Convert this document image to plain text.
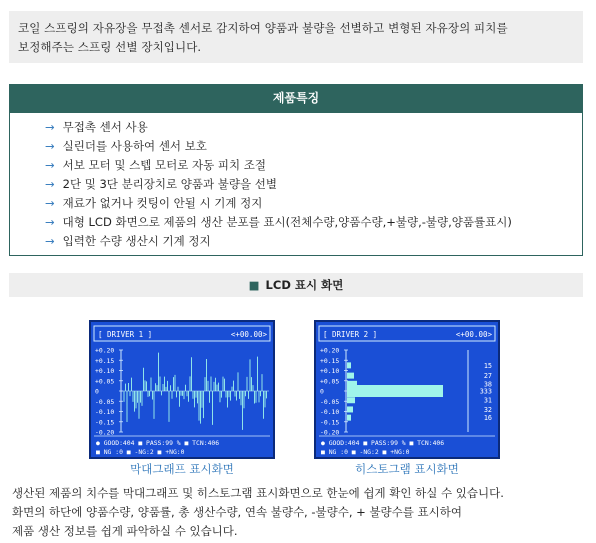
코일 스프링의 자유장을 무접촉 센서로 감지하여 양품과 불량을 선별하고 변형된 자유장의 피치를
보정해주는 스프링 선별 장치입니다.
제품특징
→ 무접촉 센서 사용
→ 실린더를 사용하여 센서 보호
→ 서보 모터 및 스텝 모터로 자동 피치 조절
→ 2단 및 3단 분리장치로 양품과 불량을 선별
→ 재료가 없거나 컷팅이 안될 시 기계 정지
→ 대형 LCD 화면으로 제품의 생산 분포를 표시(전체수량,양품수량,+불량,-불량,양품률표시)
→ 입력한 수량 생산시 기계 정지
■ LCD 표시 화면
[ DRIVER 1 ]	<+00.00>
+0.20
+0.15
+0.10
+0.05
0
-0.05
-0.10
-0.15
-0.20
● GOOD:404 ■ PASS:99 % ■ TCN:406
■ NG :0 ■ -NG:2 ■ +NG:0
막대그래프 표시화면
[ DRIVER 2 ]	<+00.00>
+0.20
+0.15
+0.10
+0.05
0
-0.05
-0.10
-0.15
-0.20
15
27
38
333
31
32
16
● GOOD:404 ■ PASS:99 % ■ TCN:406
■ NG :0 ■ -NG:2 ■ +NG:0
히스토그램 표시화면
생산된 제품의 치수를 막대그래프 및 히스토그램 표시화면으로 한눈에 쉽게 확인 하실 수 있습니다.
화면의 하단에 양품수량, 양품률, 총 생산수량, 연속 불량수, -불량수, + 불량수를 표시하여
제품 생산 정보를 쉽게 파악하실 수 있습니다.
